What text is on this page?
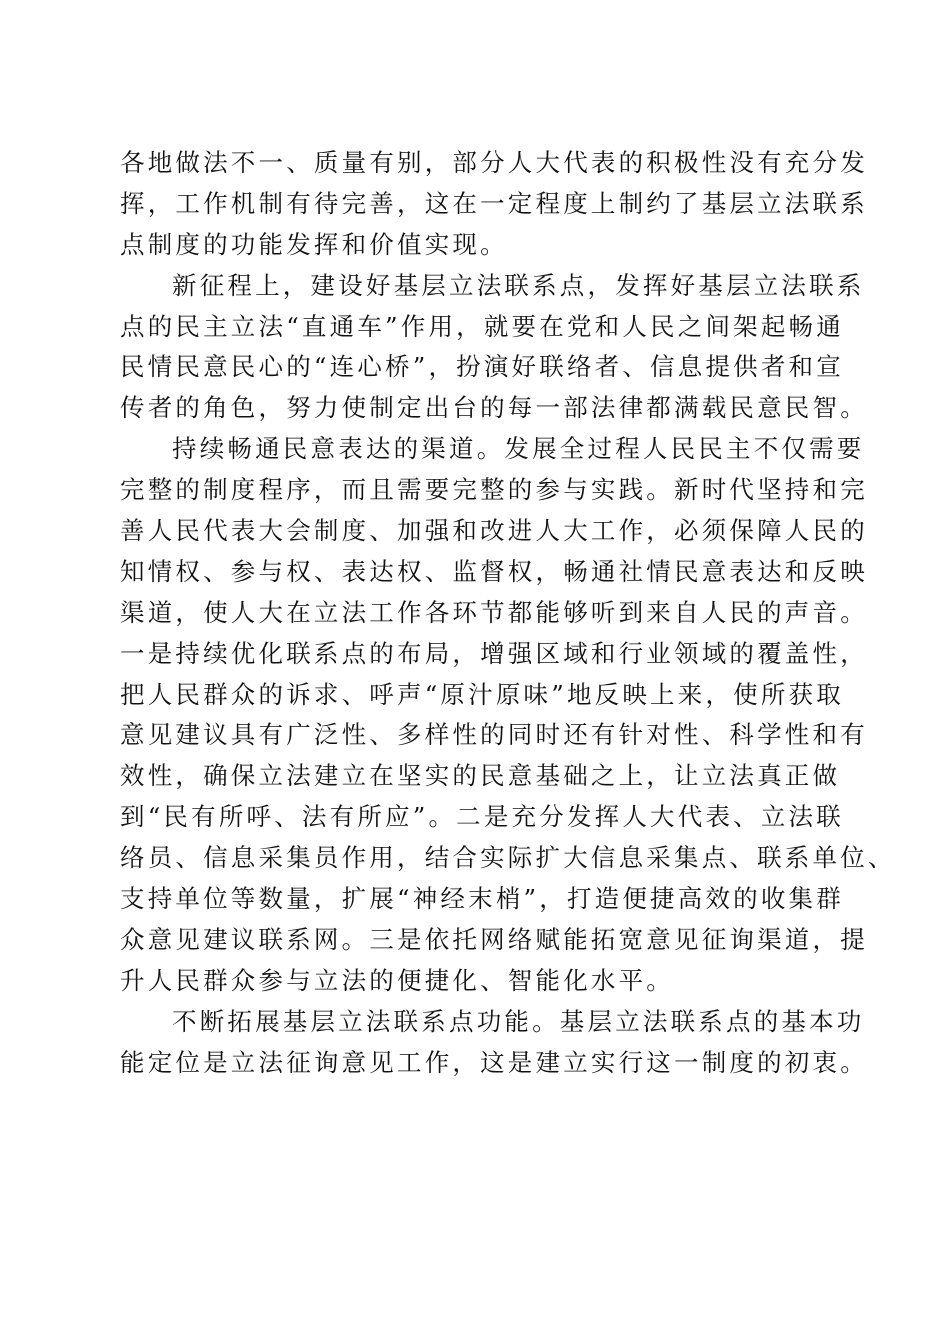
各地做法不一、质量有别，部分人大代表的积极性没有充分发
挥，工作机制有待完善，这在一定程度上制约了基层立法联系
点制度的功能发挥和价值实现。
新征程上，建设好基层立法联系点，发挥好基层立法联系
点的民主立法“直通车”作用，就要在党和人民之间架起畅通
民情民意民心的“连心桥”，扮演好联络者、信息提供者和宣
传者的角色，努力使制定出台的每一部法律都满载民意民智。
持续畅通民意表达的渠道。发展全过程人民民主不仅需要
完整的制度程序，而且需要完整的参与实践。新时代坚持和完
善人民代表大会制度、加强和改进人大工作，必须保障人民的
知情权、参与权、表达权、监督权，畅通社情民意表达和反映
渠道，使人大在立法工作各环节都能够听到来自人民的声音。
一是持续优化联系点的布局，增强区域和行业领域的覆盖性，
把人民群众的诉求、呼声“原汁原味”地反映上来，使所获取
意见建议具有广泛性、多样性的同时还有针对性、科学性和有
效性，确保立法建立在坚实的民意基础之上，让立法真正做
到“民有所呼、法有所应”。二是充分发挥人大代表、立法联
络员、信息采集员作用，结合实际扩大信息采集点、联系单位、
支持单位等数量，扩展“神经末梢”，打造便捷高效的收集群
众意见建议联系网。三是依托网络赋能拓宽意见征询渠道，提
升人民群众参与立法的便捷化、智能化水平。
不断拓展基层立法联系点功能。基层立法联系点的基本功
能定位是立法征询意见工作，这是建立实行这一制度的初衷。
